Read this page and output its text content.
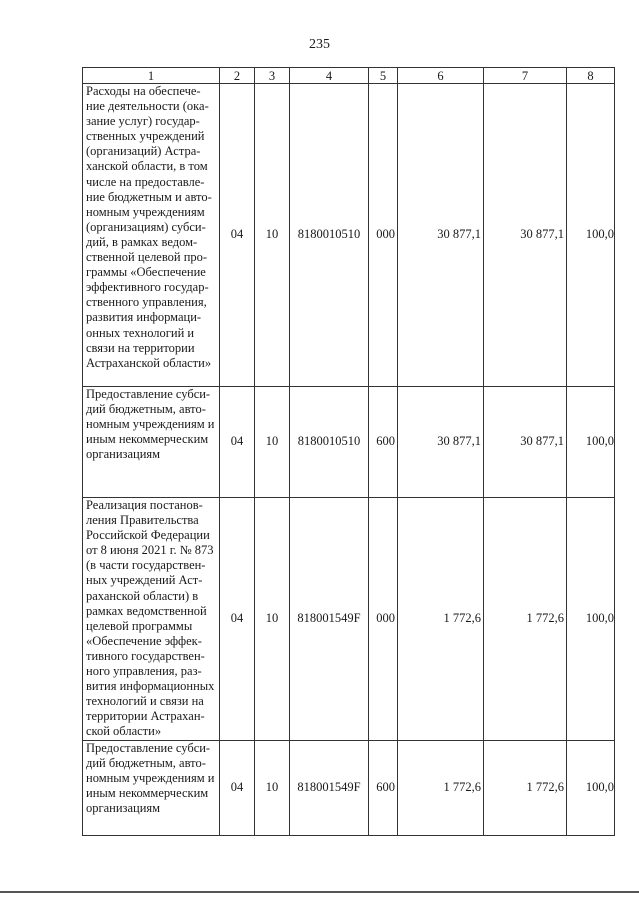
235
1	2	3	4	5	6	7	8
Расходы на обеспече-ние деятельности (ока-зание услуг) государ-ственных учреждений (организаций) Астра-ханской области, в том числе на предоставле-ние бюджетным и авто-номным учреждениям (организациям) субси-дий, в рамках ведом-ственной целевой про-граммы «Обеспечение эффективного государ-ственного управления, развития информаци-онных технологий и связи на территории Астраханской области»	04	10	8180010510	000	30 877,1	30 877,1	100,0
Предоставление субси-дий бюджетным, авто-номным учреждениям и иным некоммерческим организациям	04	10	8180010510	600	30 877,1	30 877,1	100,0
Реализация постанов-ления Правительства Российской Федерации от 8 июня 2021 г. № 873 (в части государствен-ных учреждений Аст-раханской области) в рамках ведомственной целевой программы «Обеспечение эффек-тивного государствен-ного управления, раз-вития информационных технологий и связи на территории Астрахан-ской области»	04	10	818001549F	000	1 772,6	1 772,6	100,0
Предоставление субси-дий бюджетным, авто-номным учреждениям и иным некоммерческим организациям	04	10	818001549F	600	1 772,6	1 772,6	100,0
